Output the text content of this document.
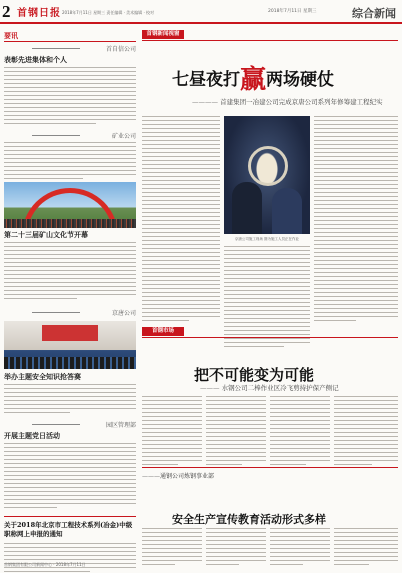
2 首钢日报 2018年7月11日 星期三 责任编辑 · 美术编辑 · 校对	2018年7月11日 星期三	综合新闻
要讯
首自信公司
表彰先进集体和个人
矿业公司
第二十三届矿山文化节开幕
京唐公司
举办主题安全知识抢答赛
园区管理部
开展主题党日活动
关于2018年北京市工程技术系列(冶金)中级职称网上申报的通知
首钢集团有限公司新闻中心 · 2018年7月11日
首钢新闻视窗
七昼夜打赢两场硬仗
———— 首建集团一冶建公司完成京唐公司系列年修筹建工程纪实
京唐公司施工现场 图为施工人员正在作业
首钢市场
把不可能变为可能
——— 水钢公司二棒作业区冷飞剪持护保产侧记
——— 通钢公司炼钢事业部
安全生产宣传教育活动形式多样
